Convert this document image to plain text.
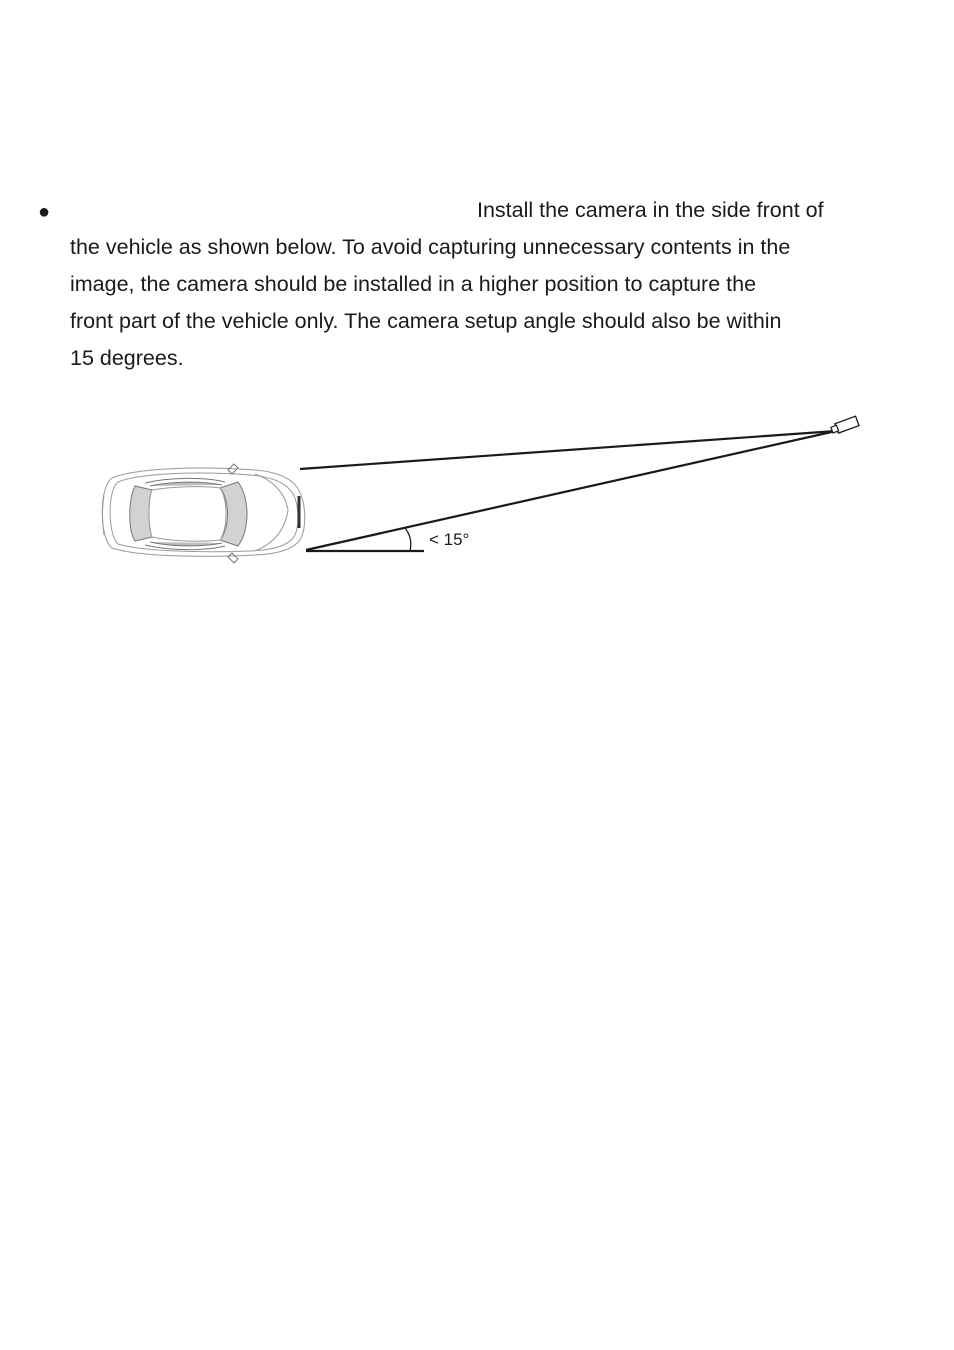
●	Install the camera in the side front of
the vehicle as shown below. To avoid capturing unnecessary contents in the
image, the camera should be installed in a higher position to capture the
front part of the vehicle only. The camera setup angle should also be within
15 degrees.

< 15°
